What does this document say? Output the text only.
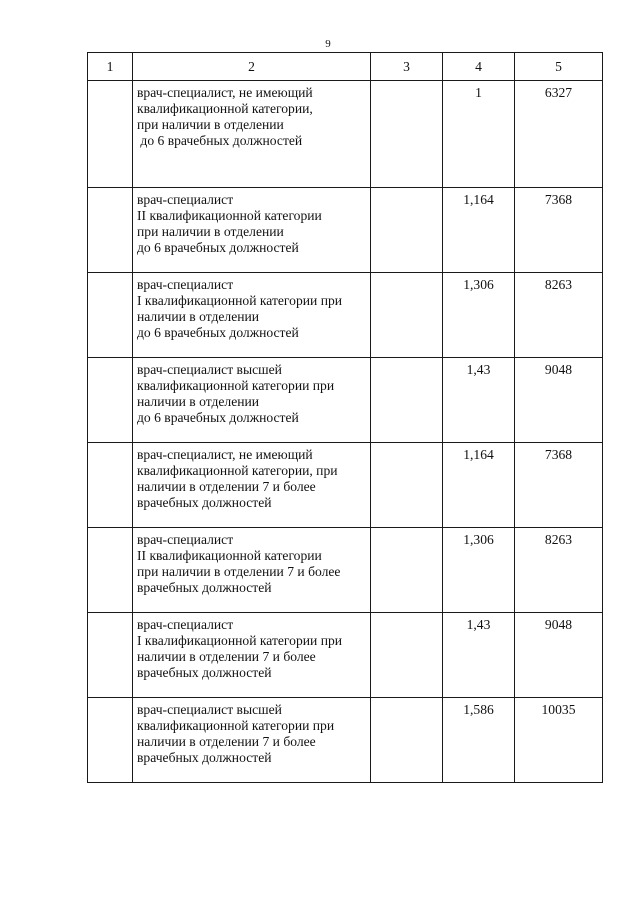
9
1	2	3	4	5

	врач-специалист, не имеющий
квалификационной категории,
при наличии в отделении
до 6 врачебных должностей		1	6327

	врач-специалист
II квалификационной категории
при наличии в отделении
до 6 врачебных должностей		1,164	7368

	врач-специалист
I квалификационной категории при
наличии в отделении
до 6 врачебных должностей		1,306	8263

	врач-специалист высшей
квалификационной категории при
наличии в отделении
до 6 врачебных должностей		1,43	9048

	врач-специалист, не имеющий
квалификационной категории, при
наличии в отделении 7 и более
врачебных должностей		1,164	7368

	врач-специалист
II квалификационной категории
при наличии в отделении 7 и более
врачебных должностей		1,306	8263

	врач-специалист
I квалификационной категории при
наличии в отделении 7 и более
врачебных должностей		1,43	9048

	врач-специалист высшей
квалификационной категории при
наличии в отделении 7 и более
врачебных должностей		1,586	10035
